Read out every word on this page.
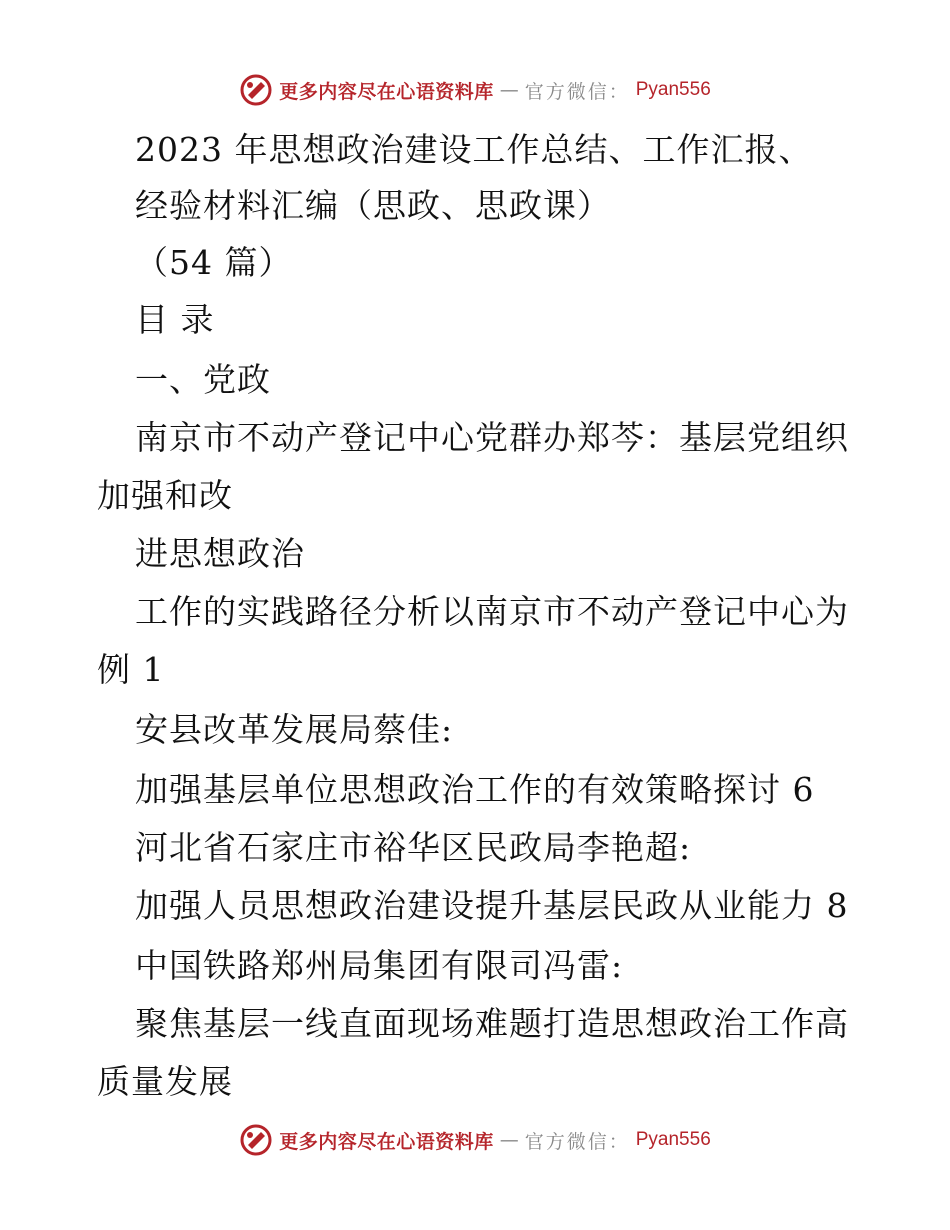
更多内容尽在心语资料库 — 官方微信： Pyan556
2023 年思想政治建设工作总结、工作汇报、
经验材料汇编（思政、思政课）
（54 篇）
目 录
一、党政
南京市不动产登记中心党群办郑芩：基层党组织
加强和改
进思想政治
工作的实践路径分析以南京市不动产登记中心为
例 1
安县改革发展局蔡佳:
加强基层单位思想政治工作的有效策略探讨 6
河北省石家庄市裕华区民政局李艳超:
加强人员思想政治建设提升基层民政从业能力 8
中国铁路郑州局集团有限司冯雷:
聚焦基层一线直面现场难题打造思想政治工作高
质量发展
更多内容尽在心语资料库 — 官方微信： Pyan556
